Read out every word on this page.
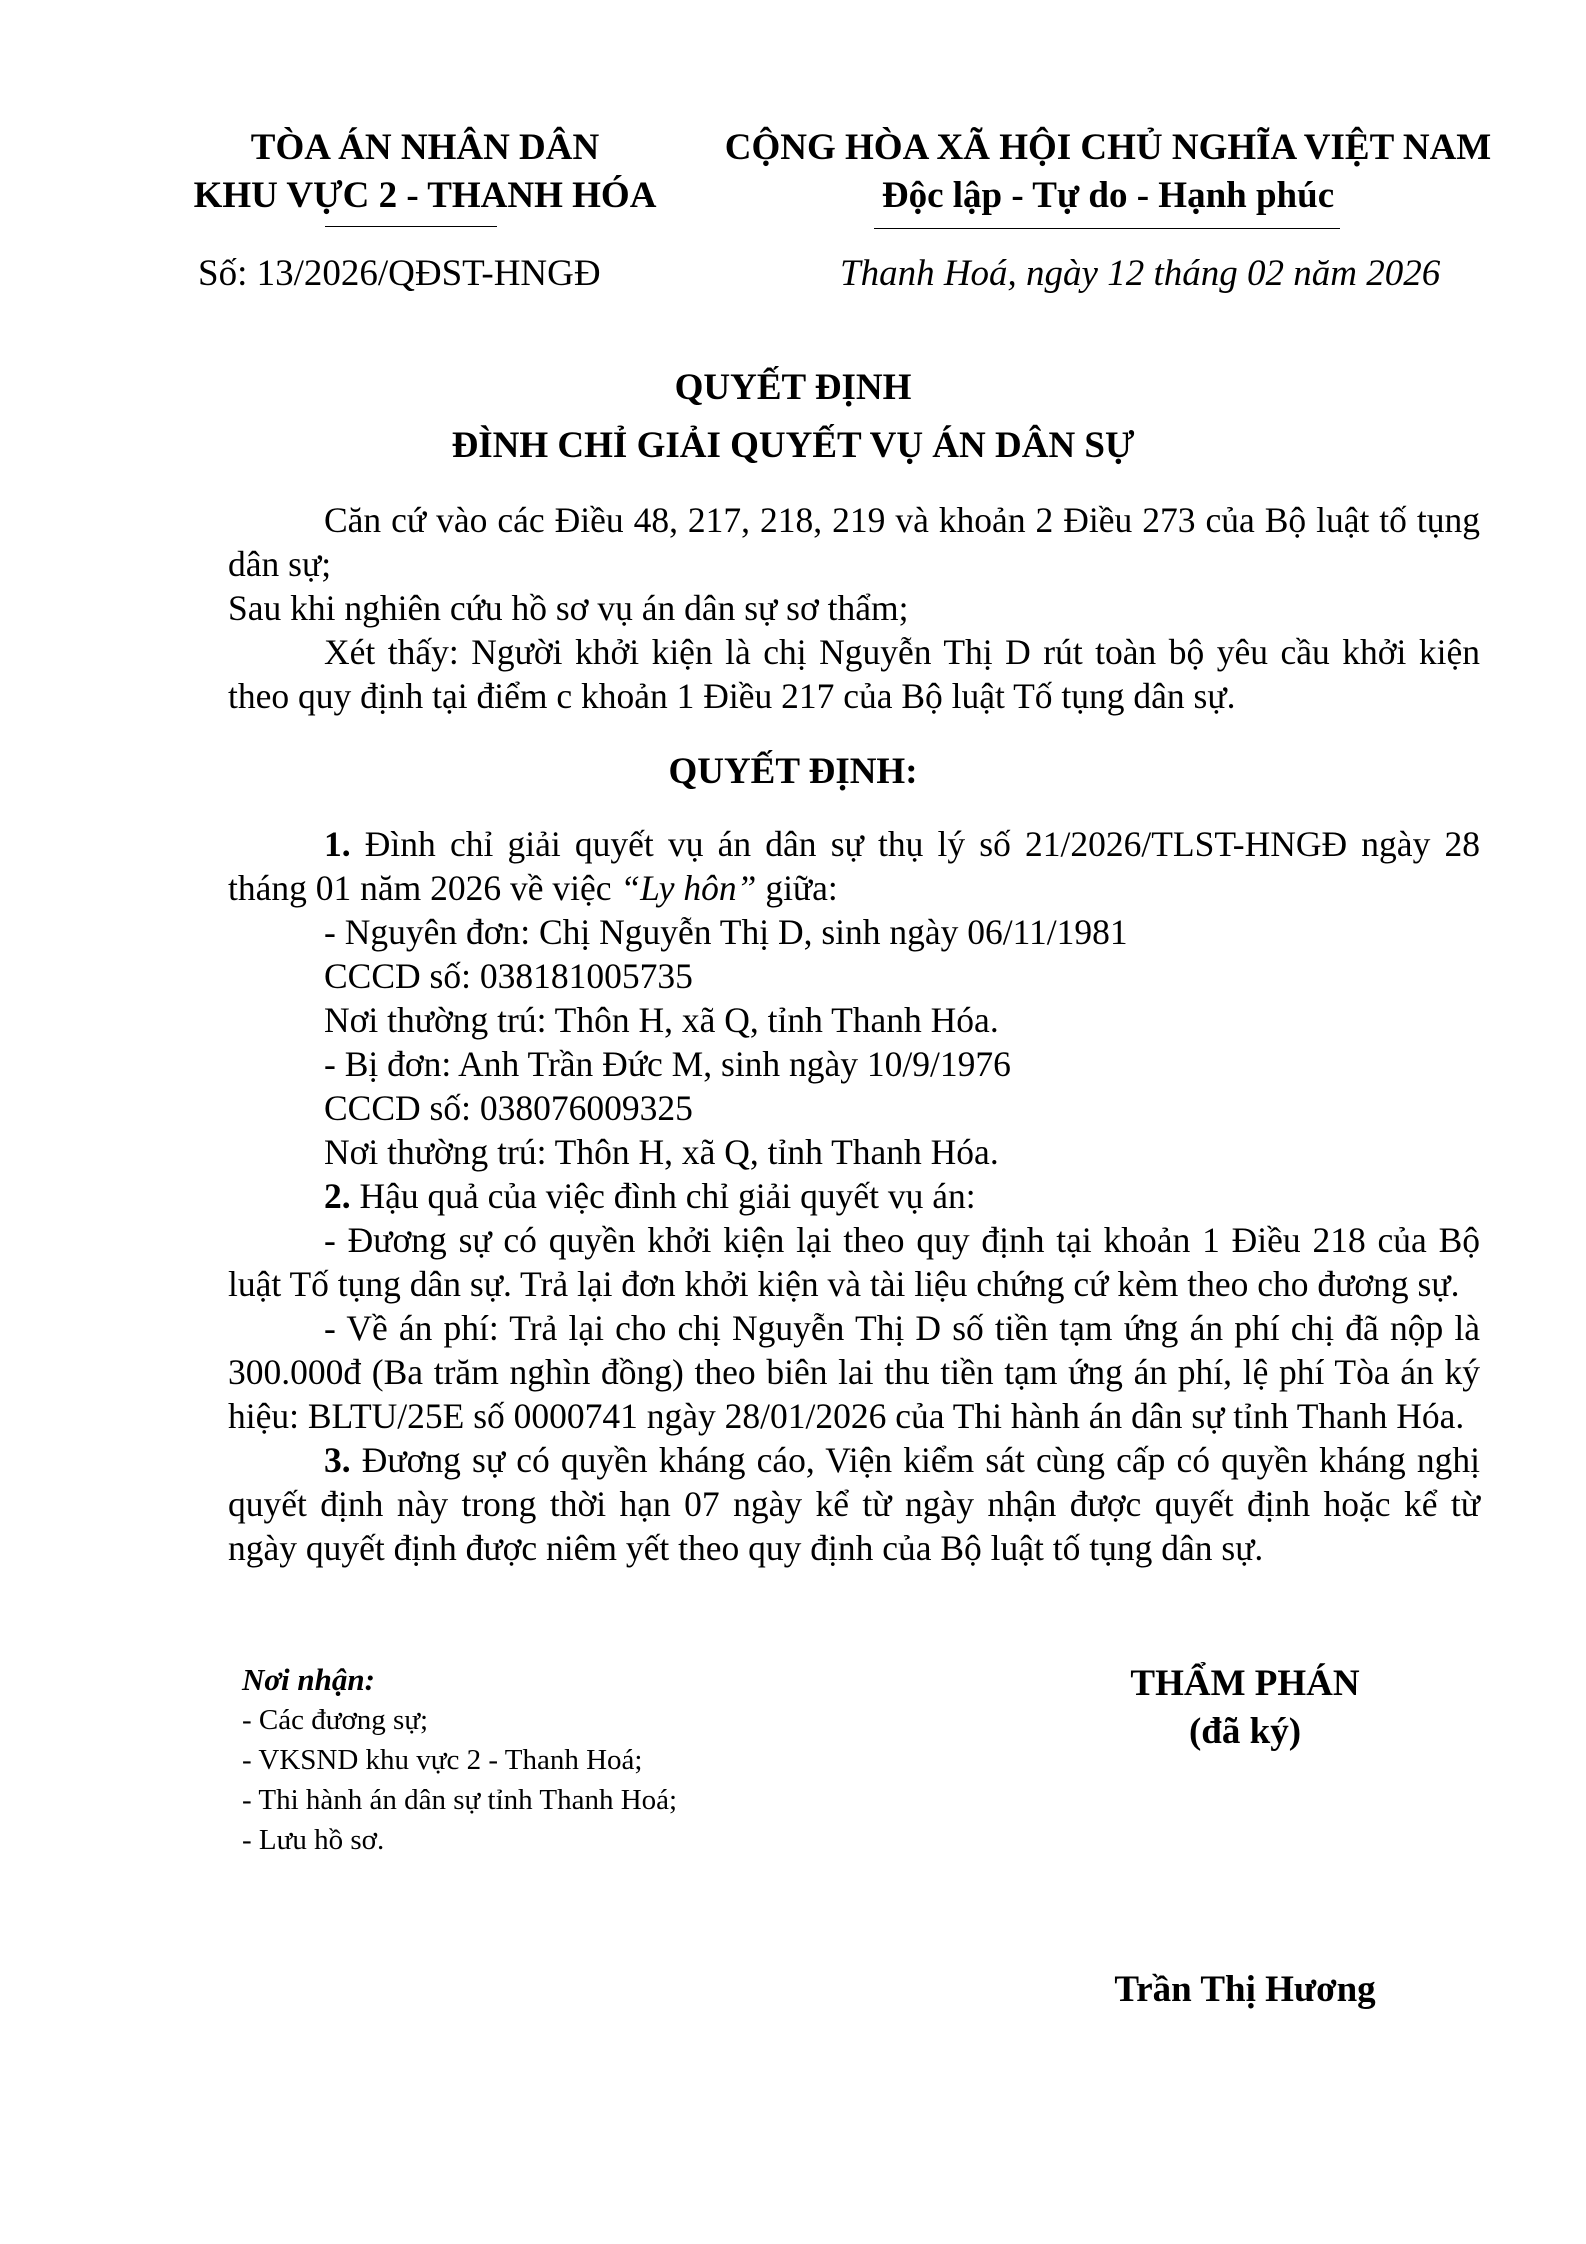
TÒA ÁN NHÂN DÂN
KHU VỰC 2 - THANH HÓA
CỘNG HÒA XÃ HỘI CHỦ NGHĨA VIỆT NAM
Độc lập - Tự do - Hạnh phúc
Số: 13/2026/QĐST-HNGĐ	Thanh Hoá, ngày 12 tháng 02 năm 2026
QUYẾT ĐỊNH
ĐÌNH CHỈ GIẢI QUYẾT VỤ ÁN DÂN SỰ

Căn cứ vào các Điều 48, 217, 218, 219 và khoản 2 Điều 273 của Bộ luật tố tụng dân sự;

Sau khi nghiên cứu hồ sơ vụ án dân sự sơ thẩm;

Xét thấy: Người khởi kiện là chị Nguyễn Thị D rút toàn bộ yêu cầu khởi kiện theo quy định tại điểm c khoản 1 Điều 217 của Bộ luật Tố tụng dân sự.

QUYẾT ĐỊNH:

1. Đình chỉ giải quyết vụ án dân sự thụ lý số 21/2026/TLST-HNGĐ ngày 28 tháng 01 năm 2026 về việc “Ly hôn” giữa:

- Nguyên đơn: Chị Nguyễn Thị D, sinh ngày 06/11/1981

CCCD số: 038181005735

Nơi thường trú: Thôn H, xã Q, tỉnh Thanh Hóa.

- Bị đơn: Anh Trần Đức M, sinh ngày 10/9/1976

CCCD số: 038076009325

Nơi thường trú: Thôn H, xã Q, tỉnh Thanh Hóa.

2. Hậu quả của việc đình chỉ giải quyết vụ án:

- Đương sự có quyền khởi kiện lại theo quy định tại khoản 1 Điều 218 của Bộ luật Tố tụng dân sự. Trả lại đơn khởi kiện và tài liệu chứng cứ kèm theo cho đương sự.

- Về án phí: Trả lại cho chị Nguyễn Thị D số tiền tạm ứng án phí chị đã nộp là 300.000đ (Ba trăm nghìn đồng) theo biên lai thu tiền tạm ứng án phí, lệ phí Tòa án ký hiệu: BLTU/25E số 0000741 ngày 28/01/2026 của Thi hành án dân sự tỉnh Thanh Hóa.

3. Đương sự có quyền kháng cáo, Viện kiểm sát cùng cấp có quyền kháng nghị quyết định này trong thời hạn 07 ngày kể từ ngày nhận được quyết định hoặc kể từ ngày quyết định được niêm yết theo quy định của Bộ luật tố tụng dân sự.

Nơi nhận:
- Các đương sự;
- VKSND khu vực 2 - Thanh Hoá;
- Thi hành án dân sự tỉnh Thanh Hoá;
- Lưu hồ sơ.
THẨM PHÁN
(đã ký)
Trần Thị Hương
